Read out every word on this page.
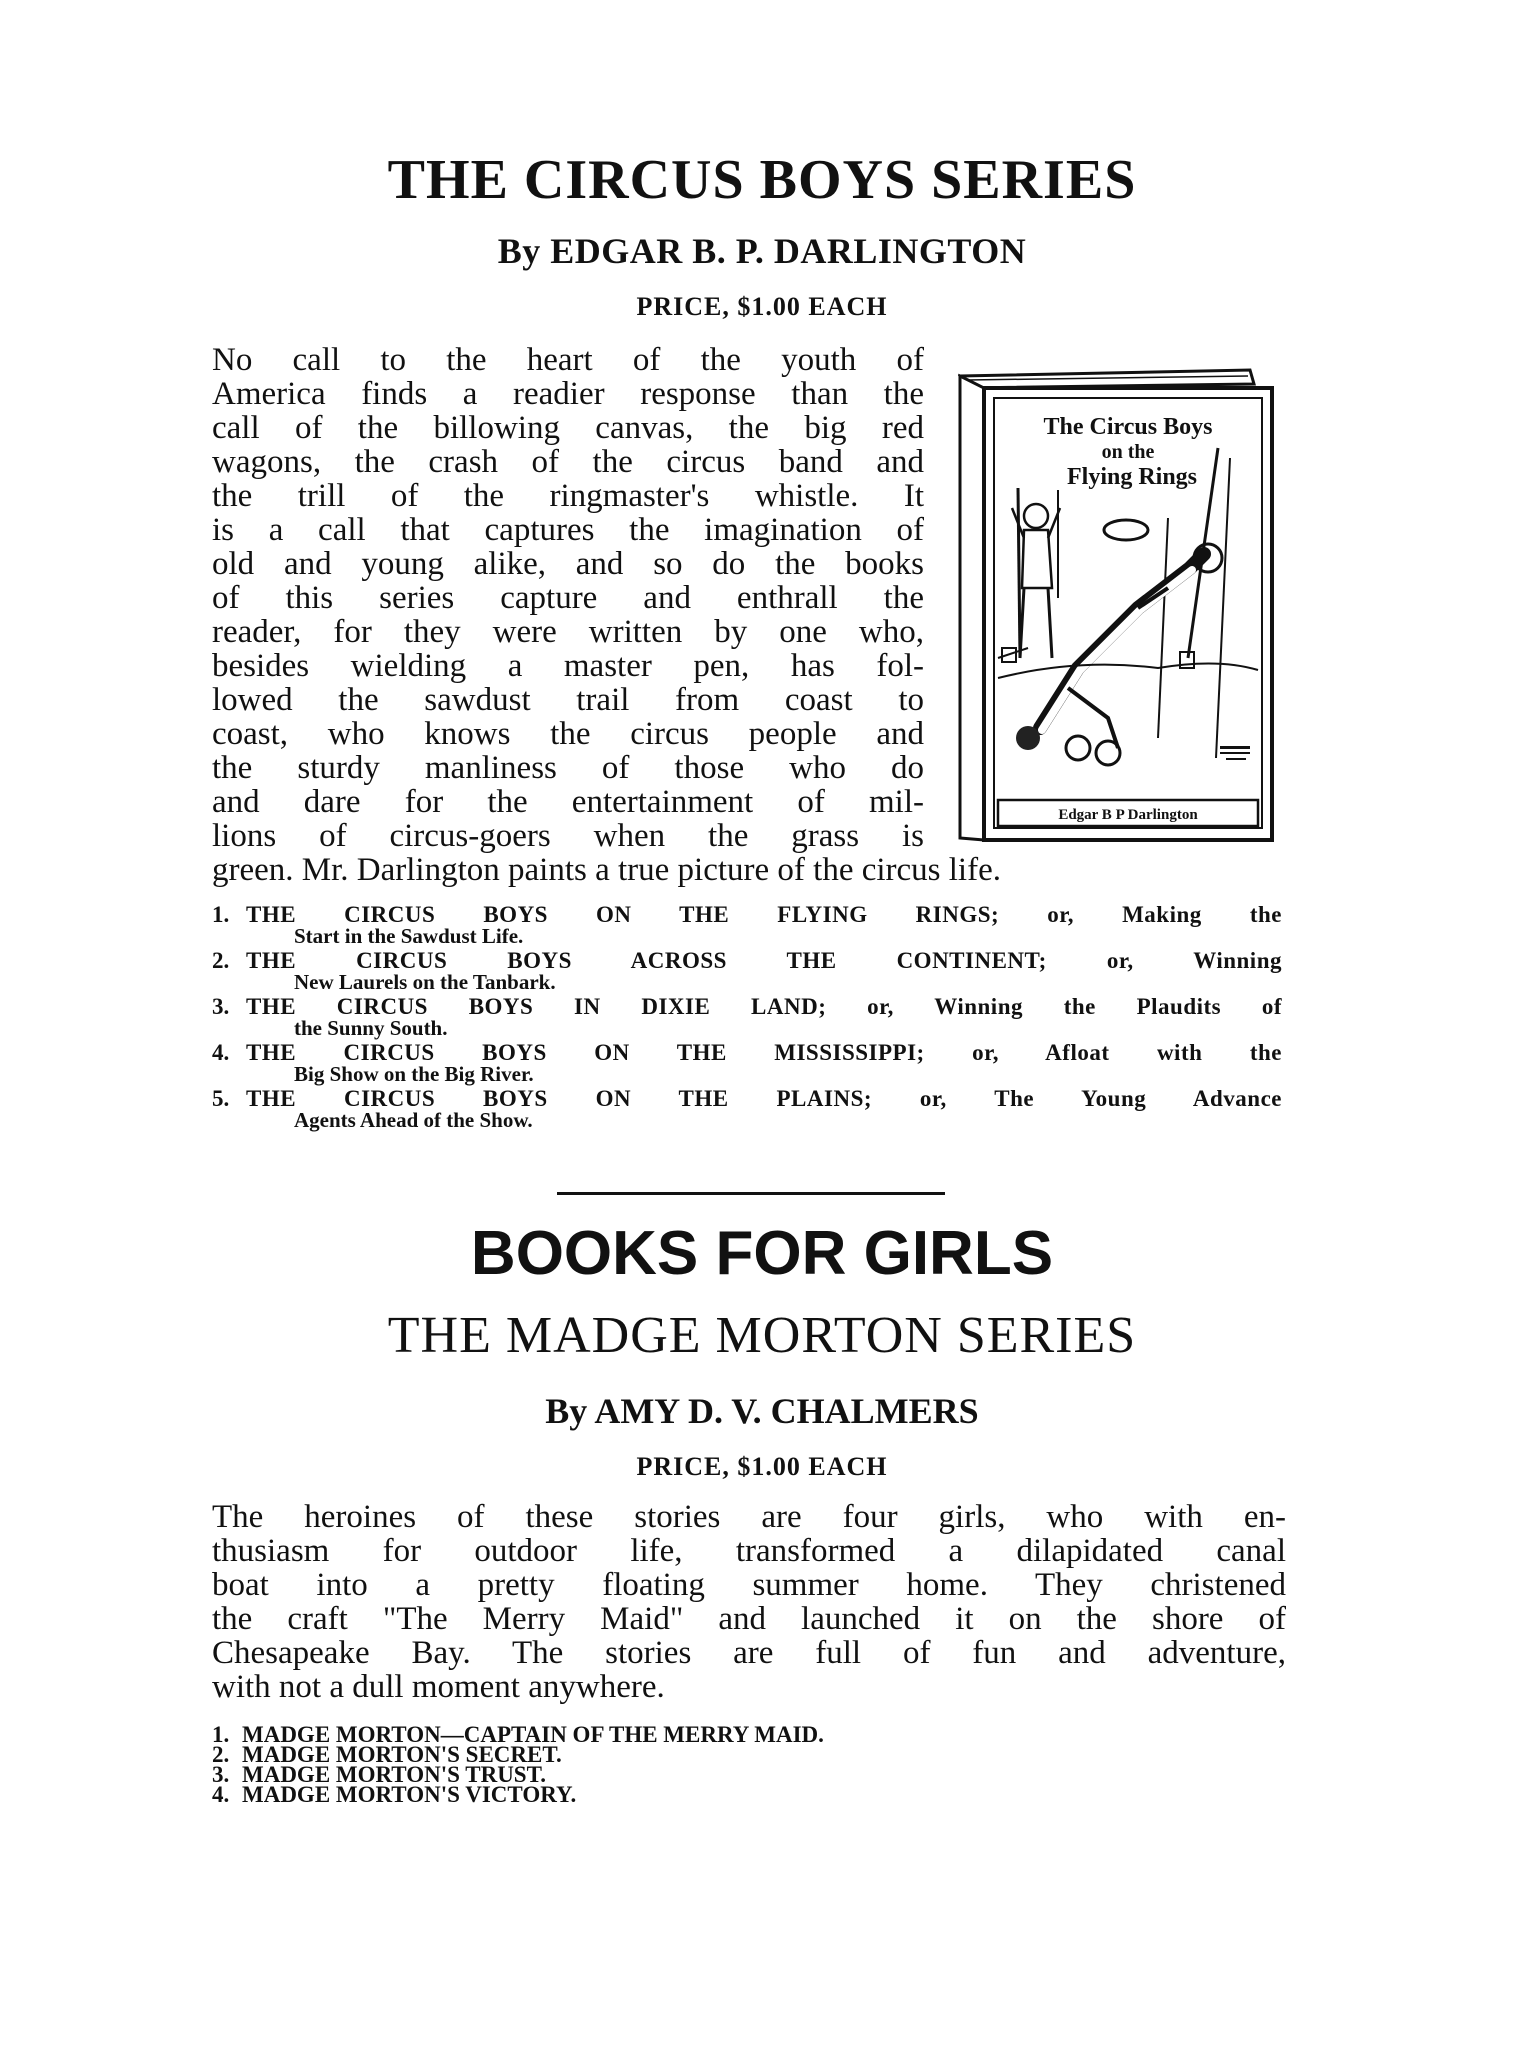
THE CIRCUS BOYS SERIES
By EDGAR B. P. DARLINGTON
PRICE, $1.00 EACH

No call to the heart of the youth of
America finds a readier response than the
call of the billowing canvas, the big red
wagons, the crash of the circus band and
the trill of the ringmaster's whistle. It
is a call that captures the imagination of
old and young alike, and so do the books
of this series capture and enthrall the
reader, for they were written by one who,
besides wielding a master pen, has fol-
lowed the sawdust trail from coast to
coast, who knows the circus people and
the sturdy manliness of those who do
and dare for the entertainment of mil-
lions of circus-goers when the grass is

green. Mr. Darlington paints a true picture of the circus life.

The Circus Boys
on the
Flying Rings
Edgar B P Darlington
1. THE CIRCUS BOYS ON THE FLYING RINGS; or, Making the
Start in the Sawdust Life.
2. THE CIRCUS BOYS ACROSS THE CONTINENT; or, Winning
New Laurels on the Tanbark.
3. THE CIRCUS BOYS IN DIXIE LAND; or, Winning the Plaudits of
the Sunny South.
4. THE CIRCUS BOYS ON THE MISSISSIPPI; or, Afloat with the
Big Show on the Big River.
5. THE CIRCUS BOYS ON THE PLAINS; or, The Young Advance
Agents Ahead of the Show.
BOOKS FOR GIRLS
THE MADGE MORTON SERIES
By AMY D. V. CHALMERS
PRICE, $1.00 EACH

The heroines of these stories are four girls, who with en-
thusiasm for outdoor life, transformed a dilapidated canal
boat into a pretty floating summer home. They christened
the craft "The Merry Maid" and launched it on the shore of
Chesapeake Bay. The stories are full of fun and adventure,
with not a dull moment anywhere.

1. MADGE MORTON—CAPTAIN OF THE MERRY MAID.
2. MADGE MORTON'S SECRET.
3. MADGE MORTON'S TRUST.
4. MADGE MORTON'S VICTORY.
